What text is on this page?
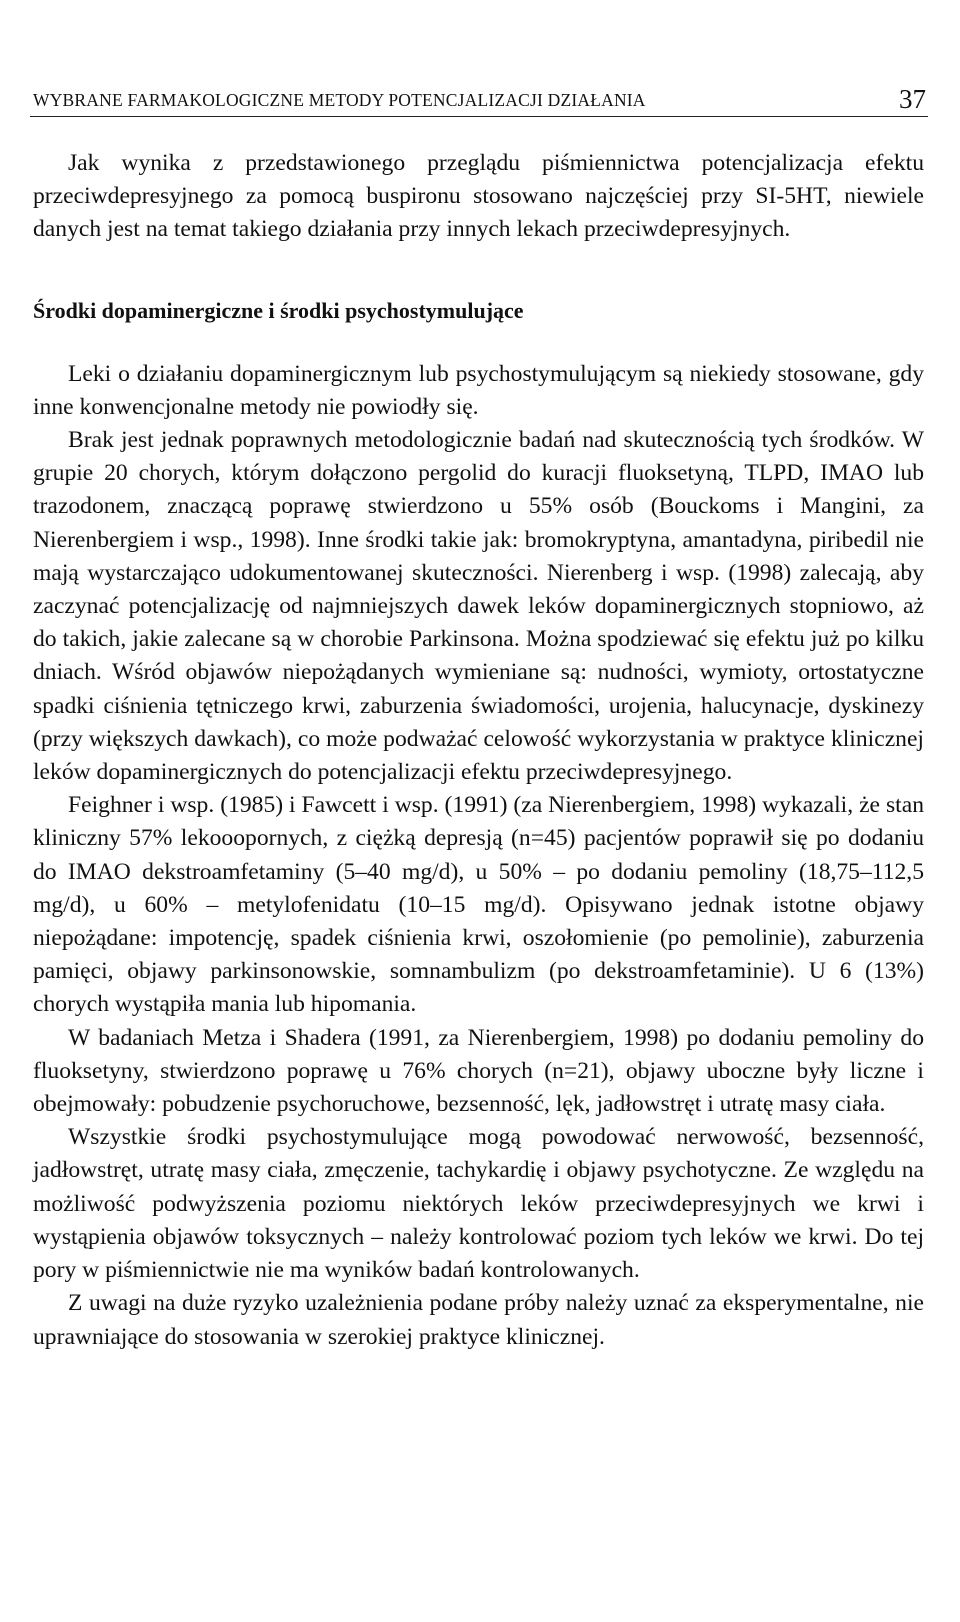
WYBRANE FARMAKOLOGICZNE METODY POTENCJALIZACJI DZIAŁANIA	37

Jak wynika z przedstawionego przeglądu piśmiennictwa potencjalizacja efektu przeciwdepresyjnego za pomocą buspironu stosowano najczęściej przy SI-5HT, niewiele danych jest na temat takiego działania przy innych lekach przeciwdepresyjnych.

Środki dopaminergiczne i środki psychostymulujące

Leki o działaniu dopaminergicznym lub psychostymulującym są niekiedy stosowane, gdy inne konwencjonalne metody nie powiodły się.

Brak jest jednak poprawnych metodologicznie badań nad skutecznością tych środków. W grupie 20 chorych, którym dołączono pergolid do kuracji fluoksetyną, TLPD, IMAO lub trazodonem, znaczącą poprawę stwierdzono u 55% osób (Bouckoms i Mangini, za Nierenbergiem i wsp., 1998). Inne środki takie jak: bromokryptyna, amantadyna, piribedil nie mają wystarczająco udokumentowanej skuteczności. Nierenberg i wsp. (1998) zalecają, aby zaczynać potencjalizację od najmniejszych dawek leków dopaminergicznych stopniowo, aż do takich, jakie zalecane są w chorobie Parkinsona. Można spodziewać się efektu już po kilku dniach. Wśród objawów niepożądanych wymieniane są: nudności, wymioty, ortostatyczne spadki ciśnienia tętniczego krwi, zaburzenia świadomości, urojenia, halucynacje, dyskinezy (przy większych dawkach), co może podważać celowość wykorzystania w praktyce klinicznej leków dopaminergicznych do potencjalizacji efektu przeciwdepresyjnego.

Feighner i wsp. (1985) i Fawcett i wsp. (1991) (za Nierenbergiem, 1998) wykazali, że stan kliniczny 57% lekooopornych, z ciężką depresją (n=45) pacjentów poprawił się po dodaniu do IMAO dekstroamfetaminy (5–40 mg/d), u 50% – po dodaniu pemoliny (18,75–112,5 mg/d), u 60% – metylofenidatu (10–15 mg/d). Opisywano jednak istotne objawy niepożądane: impotencję, spadek ciśnienia krwi, oszołomienie (po pemolinie), zaburzenia pamięci, objawy parkinsonowskie, somnambulizm (po dekstroamfetaminie). U 6 (13%) chorych wystąpiła mania lub hipomania.

W badaniach Metza i Shadera (1991, za Nierenbergiem, 1998) po dodaniu pemoliny do fluoksetyny, stwierdzono poprawę u 76% chorych (n=21), objawy uboczne były liczne i obejmowały: pobudzenie psychoruchowe, bezsenność, lęk, jadłowstręt i utratę masy ciała.

Wszystkie środki psychostymulujące mogą powodować nerwowość, bezsenność, jadłowstręt, utratę masy ciała, zmęczenie, tachykardię i objawy psychotyczne. Ze względu na możliwość podwyższenia poziomu niektórych leków przeciwdepresyjnych we krwi i wystąpienia objawów toksycznych – należy kontrolować poziom tych leków we krwi. Do tej pory w piśmiennictwie nie ma wyników badań kontrolowanych.

Z uwagi na duże ryzyko uzależnienia podane próby należy uznać za eksperymentalne, nie uprawniające do stosowania w szerokiej praktyce klinicznej.
